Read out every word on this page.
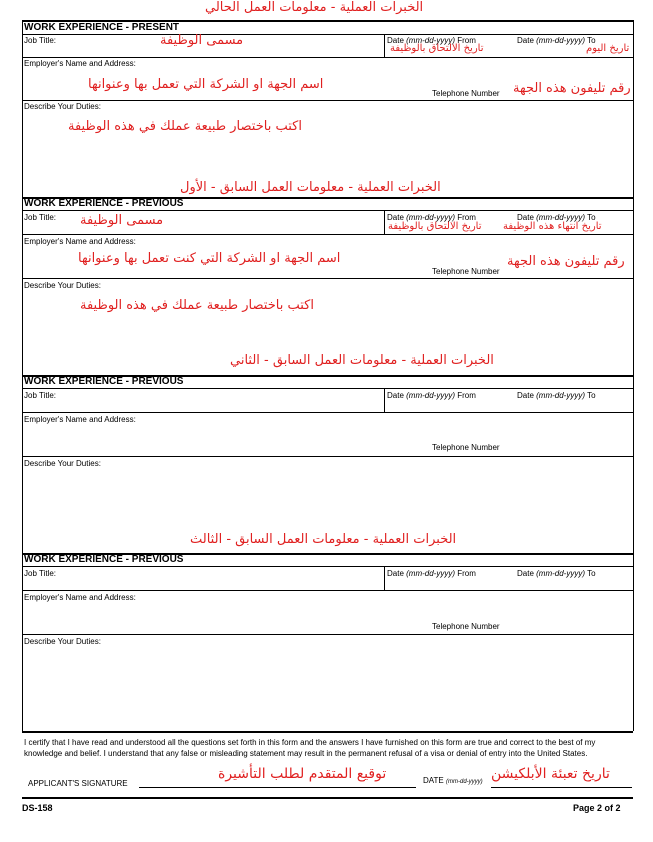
الخبرات العملية - معلومات العمل الحالي
WORK EXPERIENCE - PRESENT
Job Title:	مسمى الوظيفة	Date (mm-dd-yyyy) From
تاريخ الالتحاق بالوظيفة
Date (mm-dd-yyyy) To
تاريخ اليوم
Employer's Name and Address:
اسم الجهة او الشركة التي تعمل بها وعنوانها
Telephone Number رقم تليفون هذه الجهة
Describe Your Duties:
اكتب باختصار طبيعة عملك في هذه الوظيفة
الخبرات العملية - معلومات العمل السابق - الأول
WORK EXPERIENCE - PREVIOUS
Job Title: مسمى الوظيفة	Date (mm-dd-yyyy) From
تاريخ الالتحاق بالوظيفة
Date (mm-dd-yyyy) To
تاريخ انتهاء هذه الوظيفة
Employer's Name and Address:
اسم الجهة او الشركة التي كنت تعمل بها وعنوانها
Telephone Number
رقم تليفون هذه الجهة
Describe Your Duties:
اكتب باختصار طبيعة عملك في هذه الوظيفة
الخبرات العملية - معلومات العمل السابق - الثاني
WORK EXPERIENCE - PREVIOUS
Job Title:	Date (mm-dd-yyyy) From	Date (mm-dd-yyyy) To
Employer's Name and Address:
Telephone Number
Describe Your Duties:
الخبرات العملية - معلومات العمل السابق - الثالث
WORK EXPERIENCE - PREVIOUS
Job Title:	Date (mm-dd-yyyy) From	Date (mm-dd-yyyy) To
Employer's Name and Address:
Telephone Number
Describe Your Duties:
I certify that I have read and understood all the questions set forth in this form and the answers I have furnished on this form are true and correct to the best of my knowledge and belief. I understand that any false or misleading statement may result in the permanent refusal of a visa or denial of entry into the United States.
APPLICANT'S SIGNATURE
توقيع المتقدم لطلب التأشيرة	DATE (mm-dd-yyyy) تاريخ تعبئة الأبلكيشن
DS-158	Page 2 of 2
